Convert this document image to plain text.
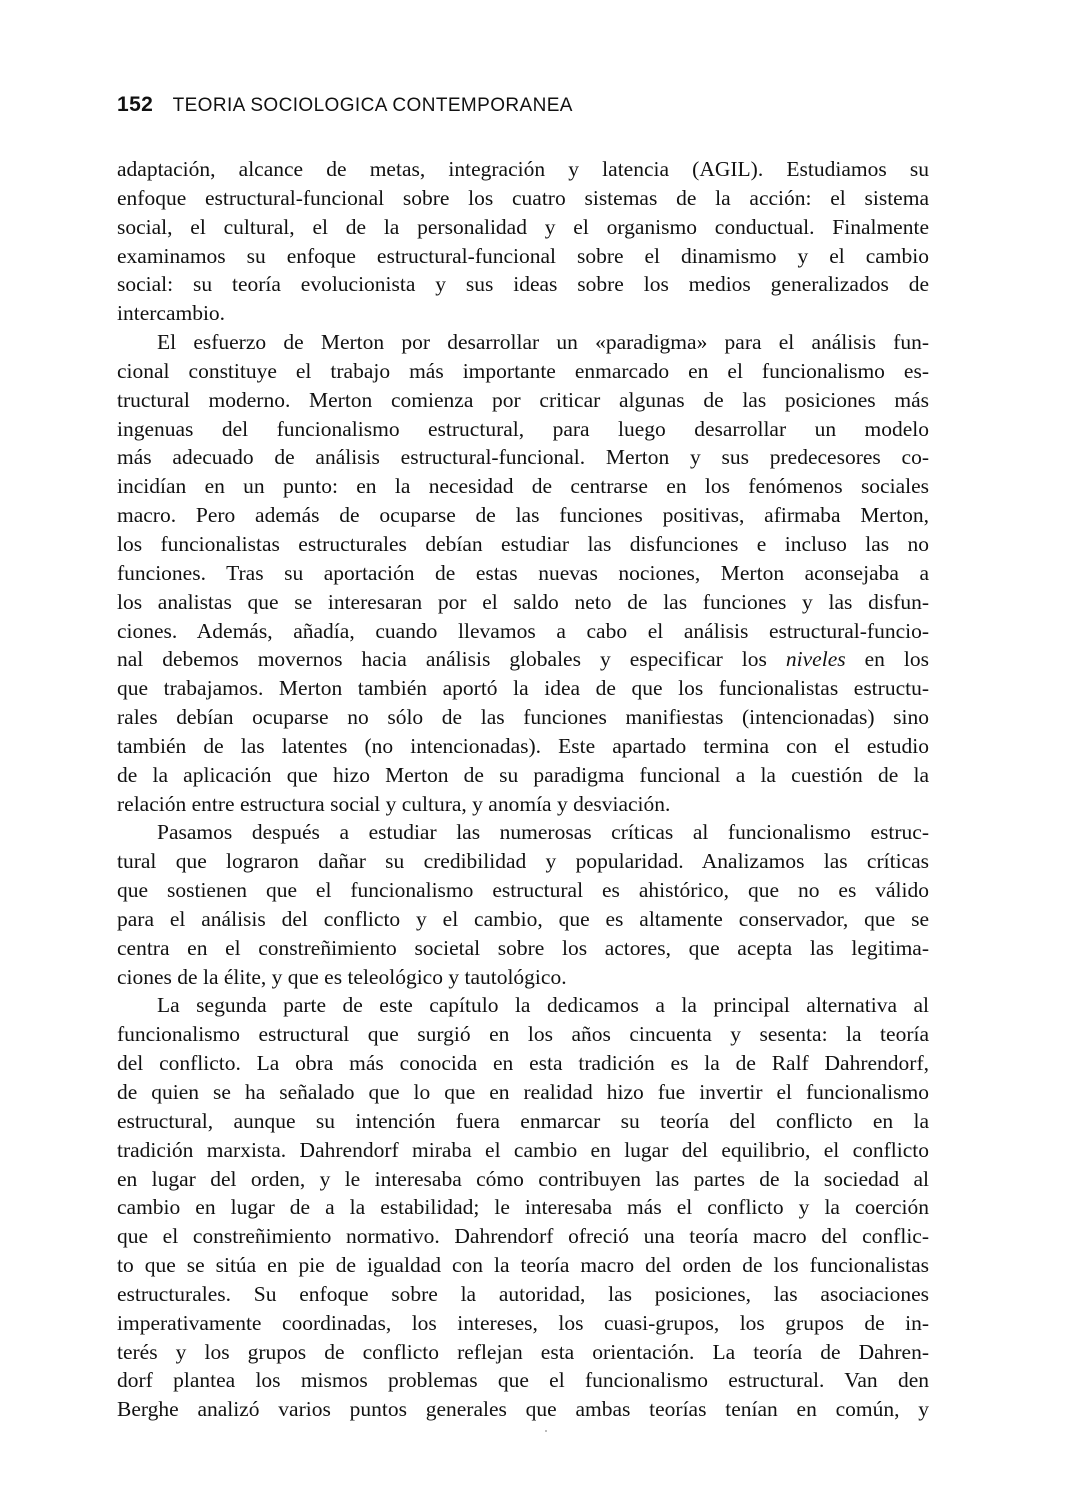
152 TEORIA SOCIOLOGICA CONTEMPORANEA
adaptación, alcance de metas, integración y latencia (AGIL). Estudiamos su
enfoque estructural-funcional sobre los cuatro sistemas de la acción: el sistema
social, el cultural, el de la personalidad y el organismo conductual. Finalmente
examinamos su enfoque estructural-funcional sobre el dinamismo y el cambio
social: su teoría evolucionista y sus ideas sobre los medios generalizados de
intercambio.
El esfuerzo de Merton por desarrollar un «paradigma» para el análisis fun-
cional constituye el trabajo más importante enmarcado en el funcionalismo es-
tructural moderno. Merton comienza por criticar algunas de las posiciones más
ingenuas del funcionalismo estructural, para luego desarrollar un modelo
más adecuado de análisis estructural-funcional. Merton y sus predecesores co-
incidían en un punto: en la necesidad de centrarse en los fenómenos sociales
macro. Pero además de ocuparse de las funciones positivas, afirmaba Merton,
los funcionalistas estructurales debían estudiar las disfunciones e incluso las no
funciones. Tras su aportación de estas nuevas nociones, Merton aconsejaba a
los analistas que se interesaran por el saldo neto de las funciones y las disfun-
ciones. Además, añadía, cuando llevamos a cabo el análisis estructural-funcio-
nal debemos movernos hacia análisis globales y especificar los niveles en los
que trabajamos. Merton también aportó la idea de que los funcionalistas estructu-
rales debían ocuparse no sólo de las funciones manifiestas (intencionadas) sino
también de las latentes (no intencionadas). Este apartado termina con el estudio
de la aplicación que hizo Merton de su paradigma funcional a la cuestión de la
relación entre estructura social y cultura, y anomía y desviación.
Pasamos después a estudiar las numerosas críticas al funcionalismo estruc-
tural que lograron dañar su credibilidad y popularidad. Analizamos las críticas
que sostienen que el funcionalismo estructural es ahistórico, que no es válido
para el análisis del conflicto y el cambio, que es altamente conservador, que se
centra en el constreñimiento societal sobre los actores, que acepta las legitima-
ciones de la élite, y que es teleológico y tautológico.
La segunda parte de este capítulo la dedicamos a la principal alternativa al
funcionalismo estructural que surgió en los años cincuenta y sesenta: la teoría
del conflicto. La obra más conocida en esta tradición es la de Ralf Dahrendorf,
de quien se ha señalado que lo que en realidad hizo fue invertir el funcionalismo
estructural, aunque su intención fuera enmarcar su teoría del conflicto en la
tradición marxista. Dahrendorf miraba el cambio en lugar del equilibrio, el conflicto
en lugar del orden, y le interesaba cómo contribuyen las partes de la sociedad al
cambio en lugar de a la estabilidad; le interesaba más el conflicto y la coerción
que el constreñimiento normativo. Dahrendorf ofreció una teoría macro del conflic-
to que se sitúa en pie de igualdad con la teoría macro del orden de los funcionalistas
estructurales. Su enfoque sobre la autoridad, las posiciones, las asociaciones
imperativamente coordinadas, los intereses, los cuasi-grupos, los grupos de in-
terés y los grupos de conflicto reflejan esta orientación. La teoría de Dahren-
dorf plantea los mismos problemas que el funcionalismo estructural. Van den
Berghe analizó varios puntos generales que ambas teorías tenían en común, y
